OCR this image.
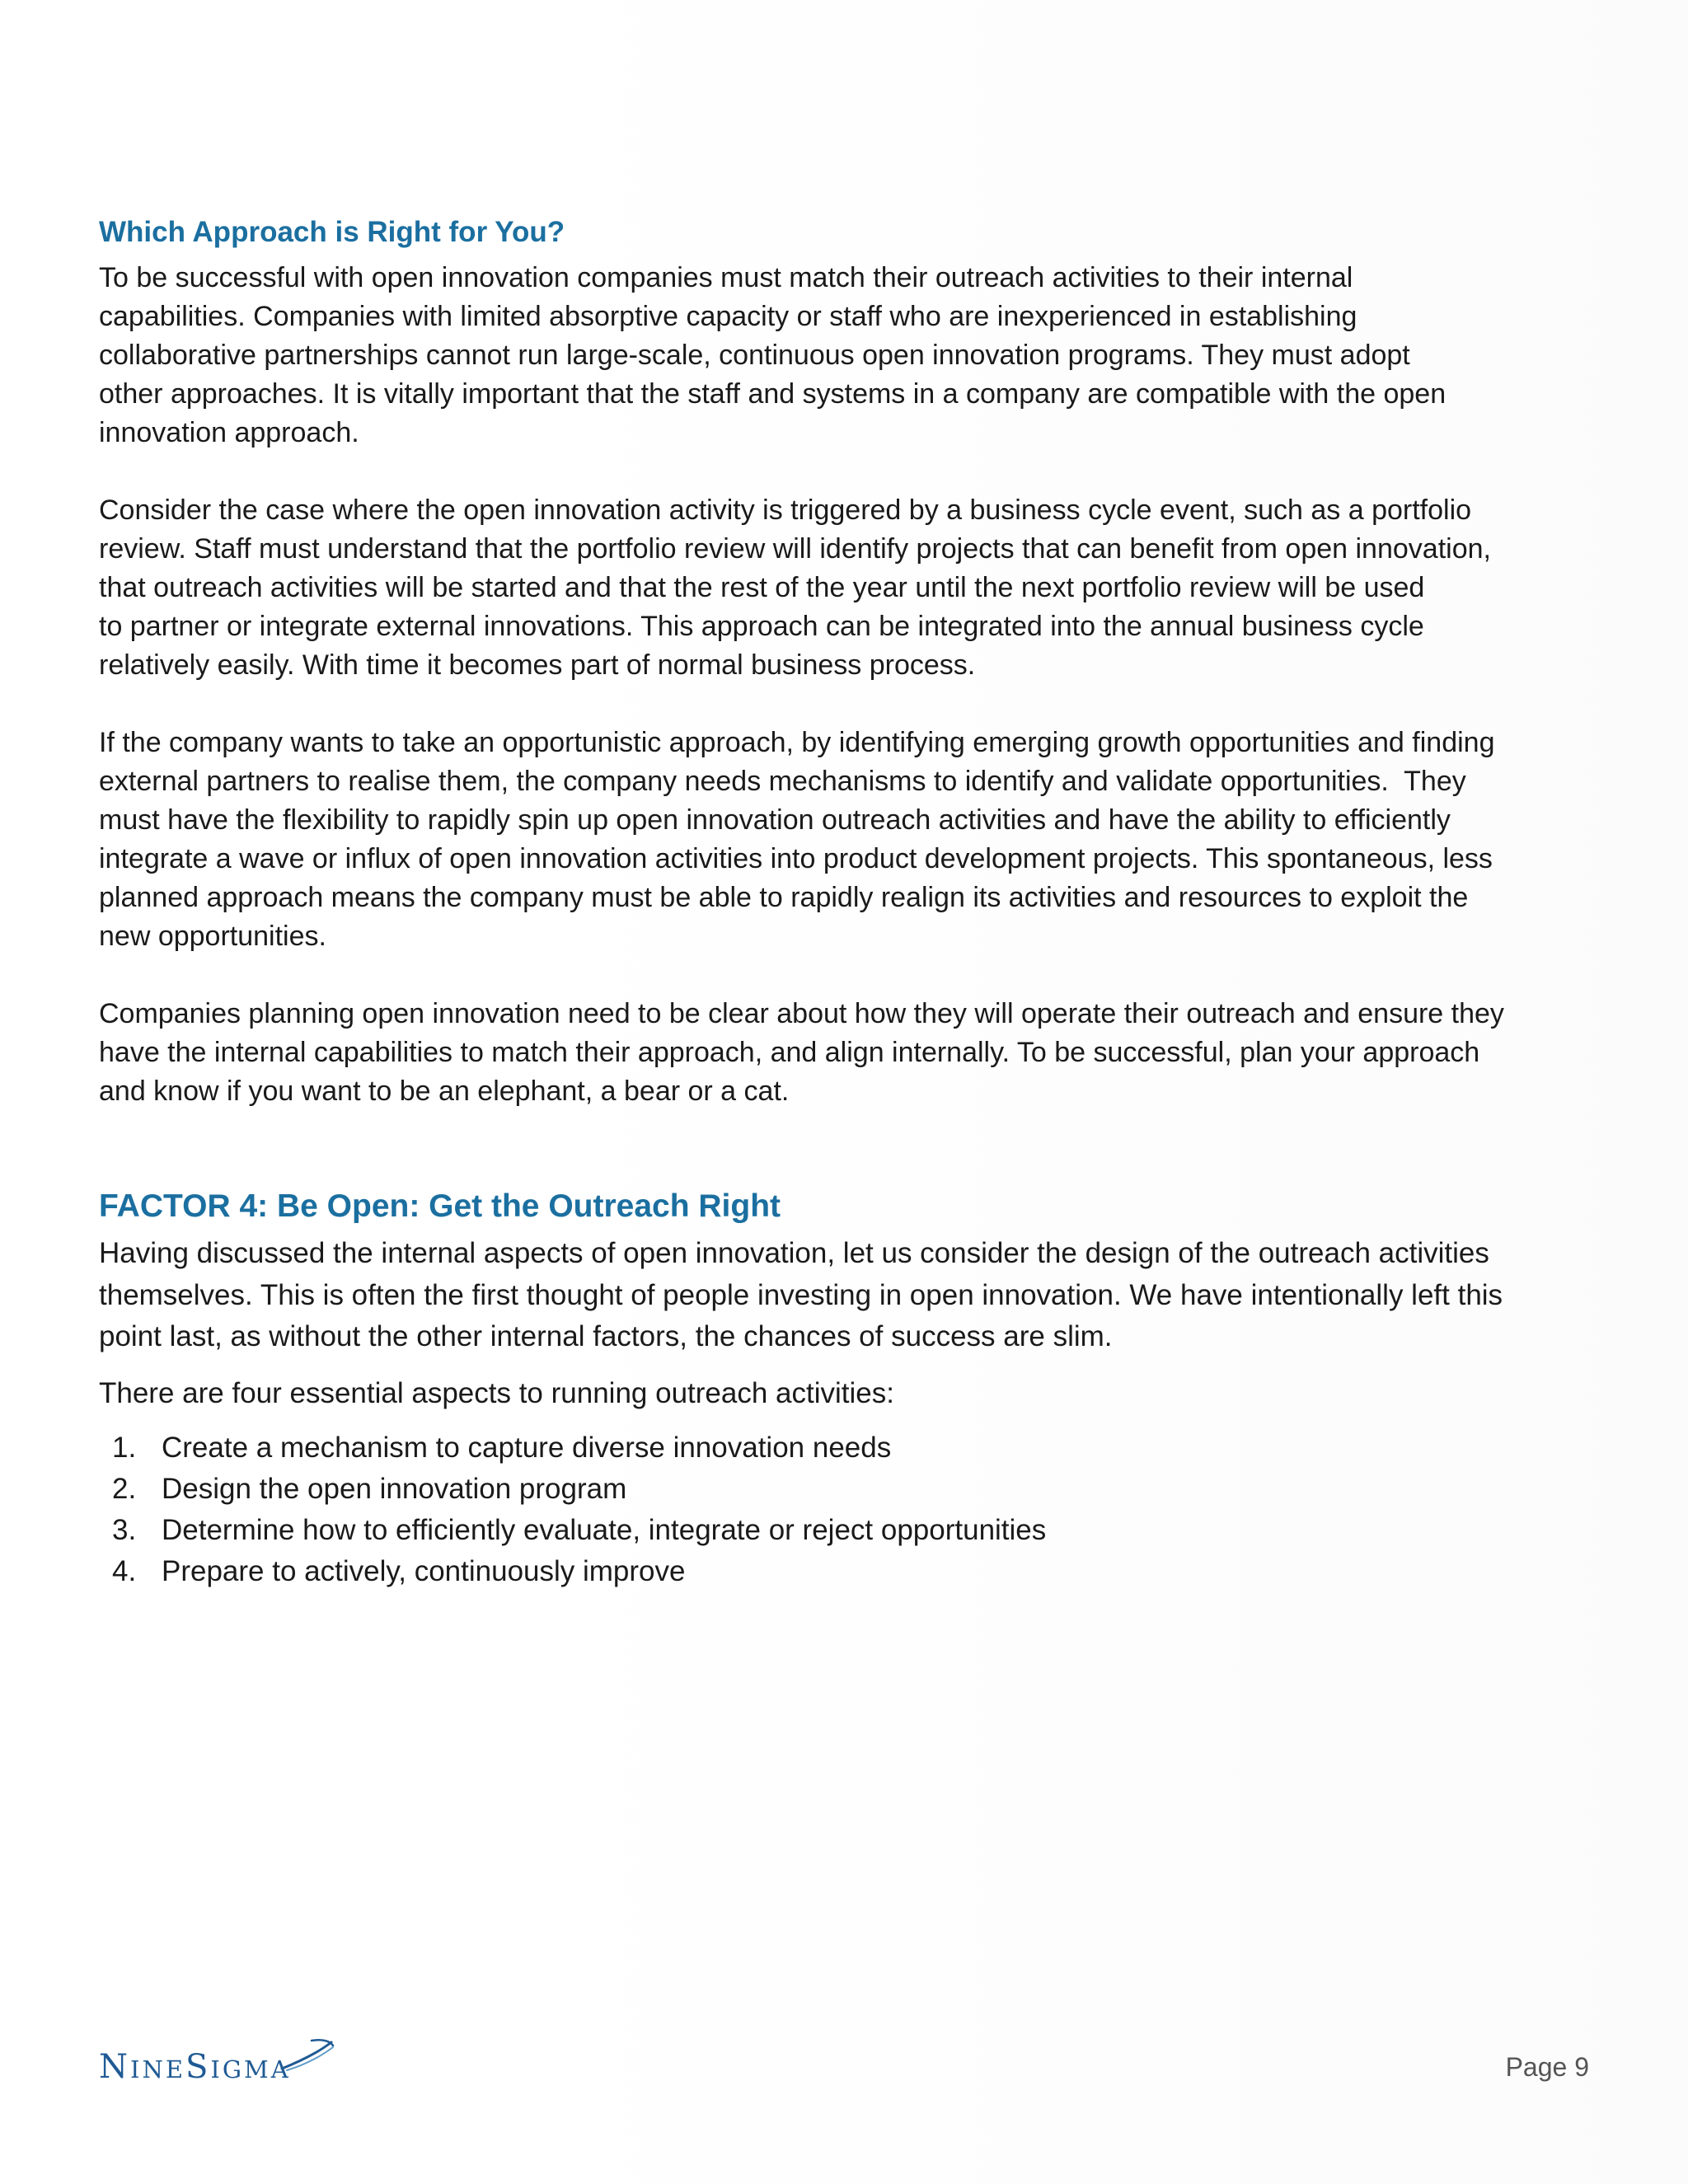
Which Approach is Right for You?

To be successful with open innovation companies must match their outreach activities to their internal
capabilities. Companies with limited absorptive capacity or staff who are inexperienced in establishing
collaborative partnerships cannot run large-scale, continuous open innovation programs. They must adopt
other approaches. It is vitally important that the staff and systems in a company are compatible with the open
innovation approach.

Consider the case where the open innovation activity is triggered by a business cycle event, such as a portfolio
review. Staff must understand that the portfolio review will identify projects that can benefit from open innovation,
that outreach activities will be started and that the rest of the year until the next portfolio review will be used
to partner or integrate external innovations. This approach can be integrated into the annual business cycle
relatively easily. With time it becomes part of normal business process.

If the company wants to take an opportunistic approach, by identifying emerging growth opportunities and finding
external partners to realise them, the company needs mechanisms to identify and validate opportunities.  They
must have the flexibility to rapidly spin up open innovation outreach activities and have the ability to efficiently
integrate a wave or influx of open innovation activities into product development projects. This spontaneous, less
planned approach means the company must be able to rapidly realign its activities and resources to exploit the
new opportunities.

Companies planning open innovation need to be clear about how they will operate their outreach and ensure they
have the internal capabilities to match their approach, and align internally. To be successful, plan your approach
and know if you want to be an elephant, a bear or a cat.

FACTOR 4: Be Open: Get the Outreach Right

Having discussed the internal aspects of open innovation, let us consider the design of the outreach activities
themselves. This is often the first thought of people investing in open innovation. We have intentionally left this
point last, as without the other internal factors, the chances of success are slim.

There are four essential aspects to running outreach activities:

1. Create a mechanism to capture diverse innovation needs
2. Design the open innovation program
3. Determine how to efficiently evaluate, integrate or reject opportunities
4. Prepare to actively, continuously improve
NINESIGMA	Page 9
